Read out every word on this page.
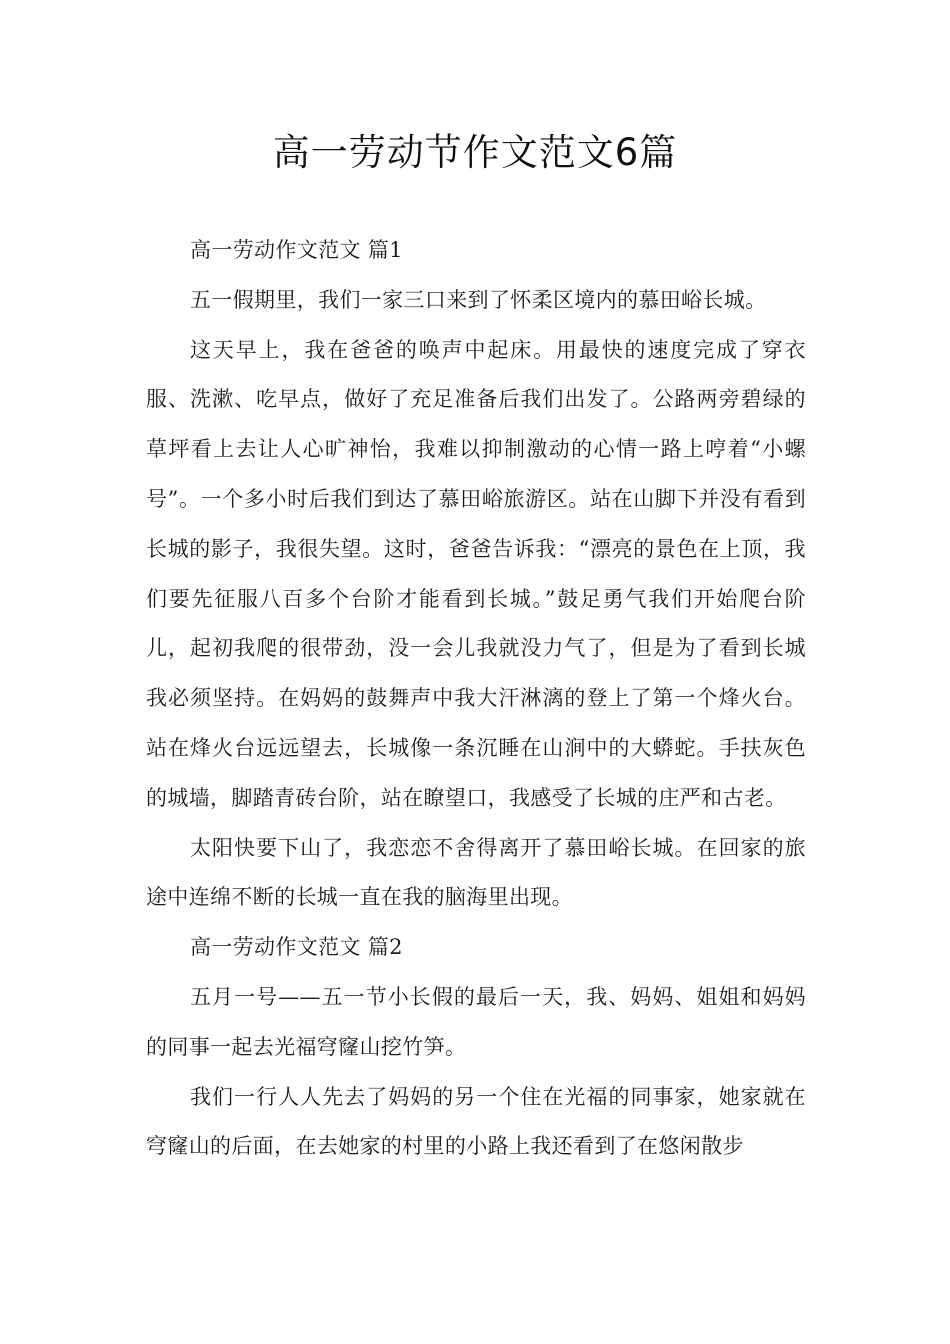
高一劳动节作文范文6篇

高一劳动作文范文 篇1

五一假期里，我们一家三口来到了怀柔区境内的慕田峪长城。

这天早上，我在爸爸的唤声中起床。用最快的速度完成了穿衣服、洗漱、吃早点，做好了充足准备后我们出发了。公路两旁碧绿的草坪看上去让人心旷神怡，我难以抑制激动的心情一路上哼着“小螺号”。一个多小时后我们到达了慕田峪旅游区。站在山脚下并没有看到长城的影子，我很失望。这时，爸爸告诉我：“漂亮的景色在上顶，我们要先征服八百多个台阶才能看到长城。”鼓足勇气我们开始爬台阶儿，起初我爬的很带劲，没一会儿我就没力气了，但是为了看到长城我必须坚持。在妈妈的鼓舞声中我大汗淋漓的登上了第一个烽火台。站在烽火台远远望去，长城像一条沉睡在山涧中的大蟒蛇。手扶灰色的城墙，脚踏青砖台阶，站在瞭望口，我感受了长城的庄严和古老。

太阳快要下山了，我恋恋不舍得离开了慕田峪长城。在回家的旅途中连绵不断的长城一直在我的脑海里出现。

高一劳动作文范文 篇2

五月一号——五一节小长假的最后一天，我、妈妈、姐姐和妈妈的同事一起去光福穹窿山挖竹笋。

我们一行人人先去了妈妈的另一个住在光福的同事家，她家就在穹窿山的后面，在去她家的村里的小路上我还看到了在悠闲散步
